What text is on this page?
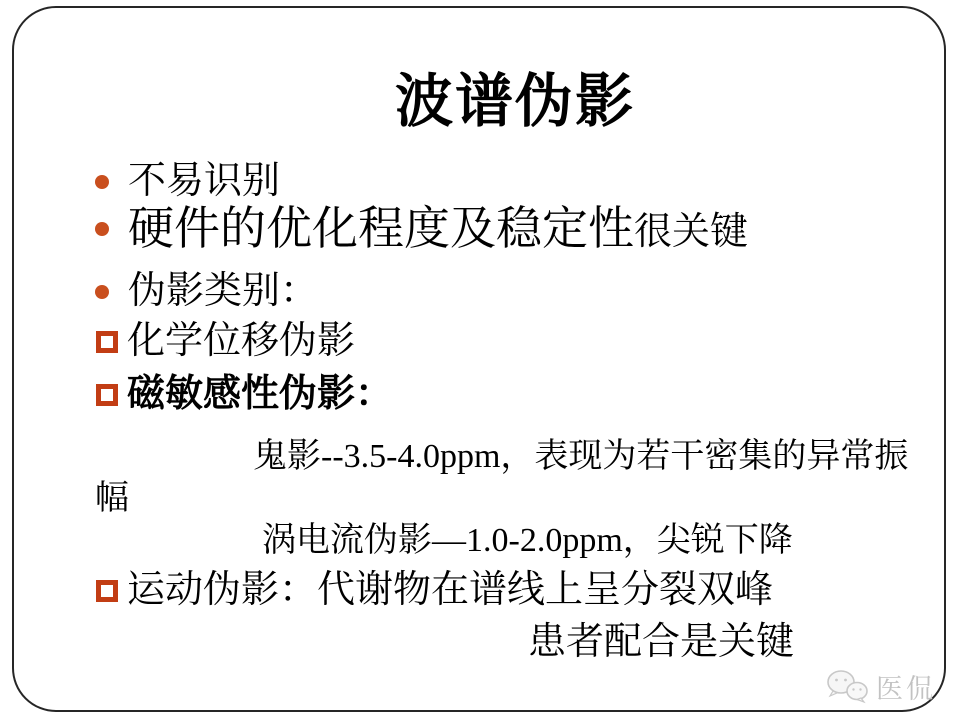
波谱伪影
不易识别
硬件的优化程度及稳定性很关键
伪影类别：
化学位移伪影
磁敏感性伪影：
鬼影--3.5-4.0ppm，表现为若干密集的异常振
幅
涡电流伪影—1.0-2.0ppm，尖锐下降
运动伪影：代谢物在谱线上呈分裂双峰
患者配合是关键
医侃
